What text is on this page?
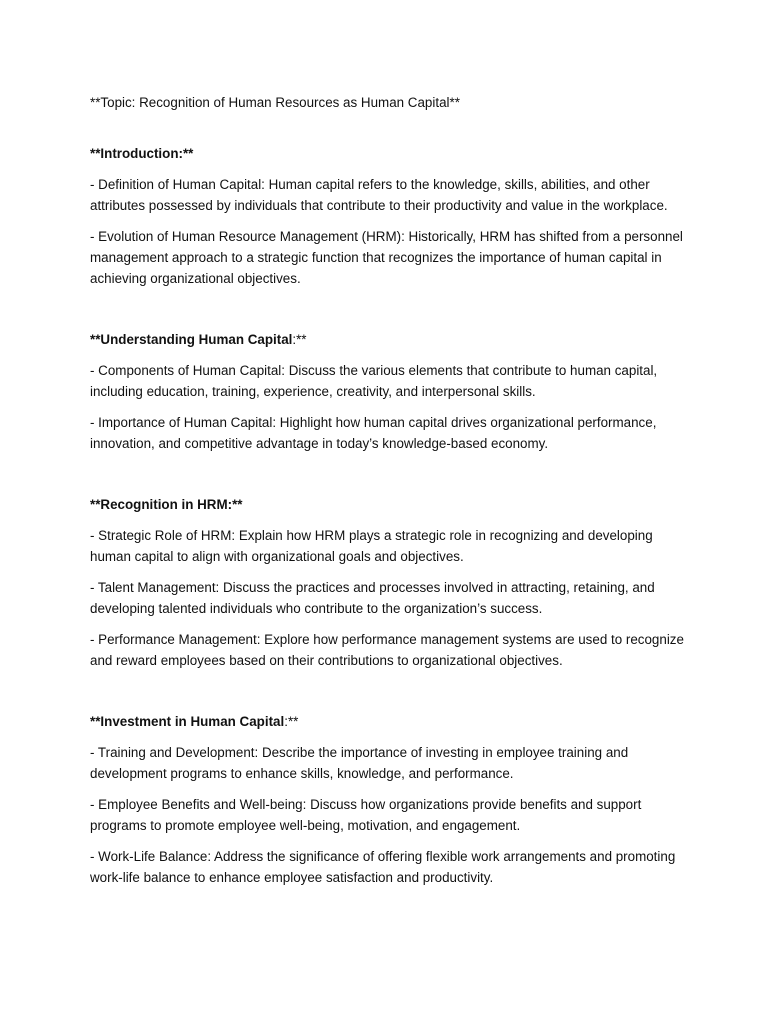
**Topic: Recognition of Human Resources as Human Capital**

**Introduction:**

- Definition of Human Capital: Human capital refers to the knowledge, skills, abilities, and other attributes possessed by individuals that contribute to their productivity and value in the workplace.

- Evolution of Human Resource Management (HRM): Historically, HRM has shifted from a personnel management approach to a strategic function that recognizes the importance of human capital in achieving organizational objectives.

**Understanding Human Capital:**

- Components of Human Capital: Discuss the various elements that contribute to human capital, including education, training, experience, creativity, and interpersonal skills.

- Importance of Human Capital: Highlight how human capital drives organizational performance, innovation, and competitive advantage in today’s knowledge-based economy.

**Recognition in HRM:**

- Strategic Role of HRM: Explain how HRM plays a strategic role in recognizing and developing human capital to align with organizational goals and objectives.

- Talent Management: Discuss the practices and processes involved in attracting, retaining, and developing talented individuals who contribute to the organization’s success.

- Performance Management: Explore how performance management systems are used to recognize and reward employees based on their contributions to organizational objectives.

**Investment in Human Capital:**

- Training and Development: Describe the importance of investing in employee training and development programs to enhance skills, knowledge, and performance.

- Employee Benefits and Well-being: Discuss how organizations provide benefits and support programs to promote employee well-being, motivation, and engagement.

- Work-Life Balance: Address the significance of offering flexible work arrangements and promoting work-life balance to enhance employee satisfaction and productivity.
